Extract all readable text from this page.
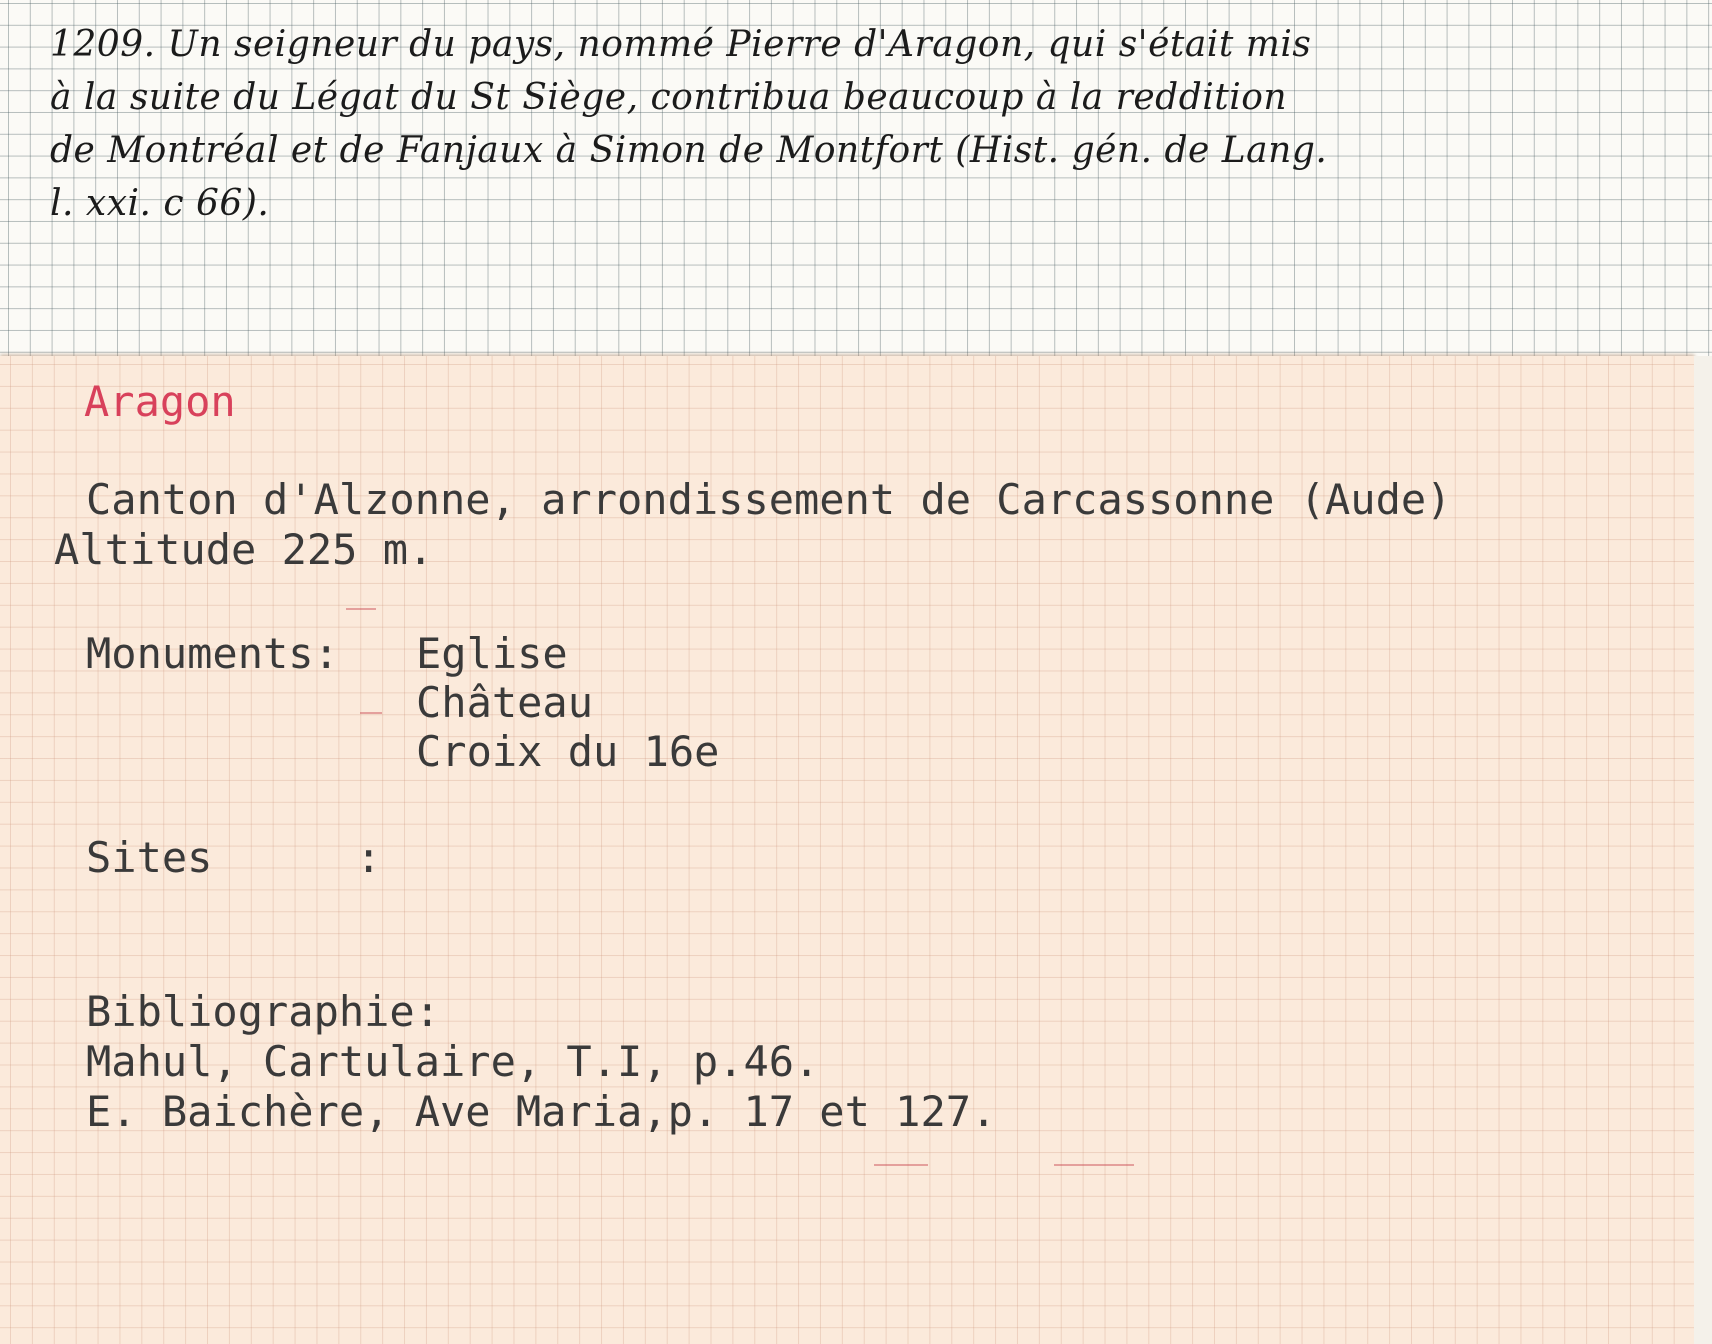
1209. Un seigneur du pays, nommé Pierre d'Aragon, qui s'était mis
à la suite du Légat du St Siège, contribua beaucoup à la reddition
de Montréal et de Fanjaux à Simon de Montfort (Hist. gén. de Lang.
l. xxi. c 66).
Aragon
Canton d'Alzonne, arrondissement de Carcassonne (Aude)
Altitude 225 m.
Monuments: Eglise
Château
Croix du 16e
Sites	:
Bibliographie:
Mahul, Cartulaire, T.I, p.46.
E. Baichère, Ave Maria,p. 17 et 127.
